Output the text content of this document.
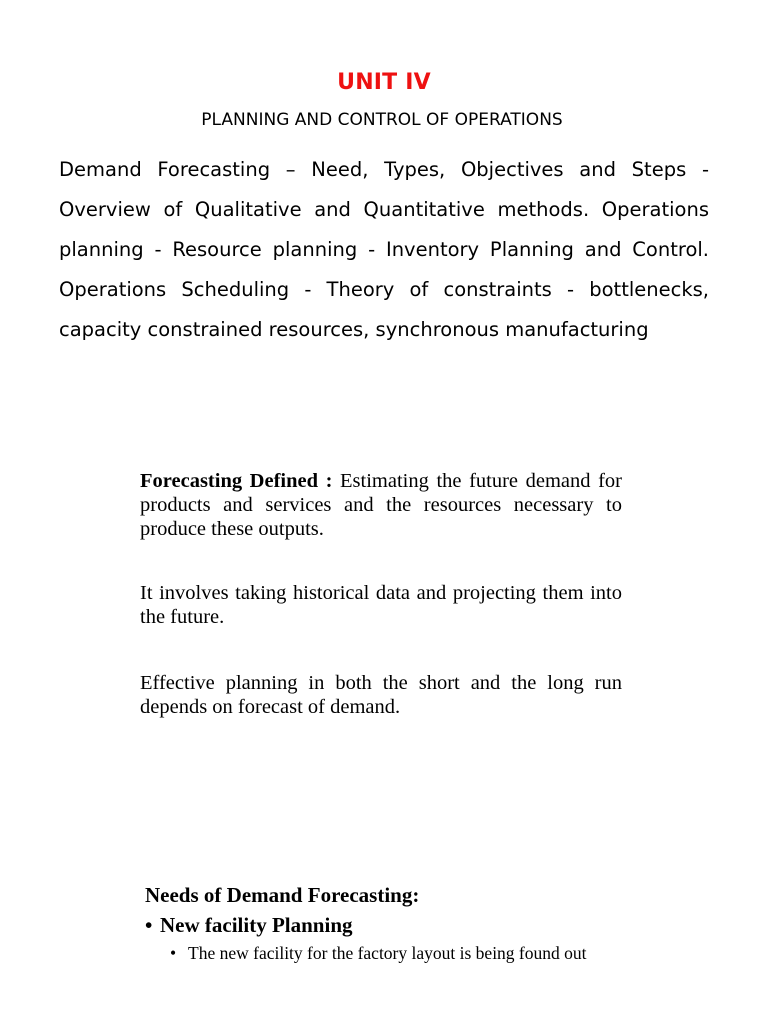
UNIT IV
PLANNING AND CONTROL OF OPERATIONS
Demand Forecasting – Need, Types, Objectives and Steps - Overview of Qualitative and Quantitative methods. Operations planning - Resource planning - Inventory Planning and Control. Operations Scheduling - Theory of constraints - bottlenecks, capacity constrained resources, synchronous manufacturing
Forecasting Defined : Estimating the future demand for products and services and the resources necessary to produce these outputs.
It involves taking historical data and projecting them into the future.
Effective planning in both the short and the long run depends on forecast of demand.
Needs of Demand Forecasting:
• New facility Planning
• The new facility for the factory layout is being found out
